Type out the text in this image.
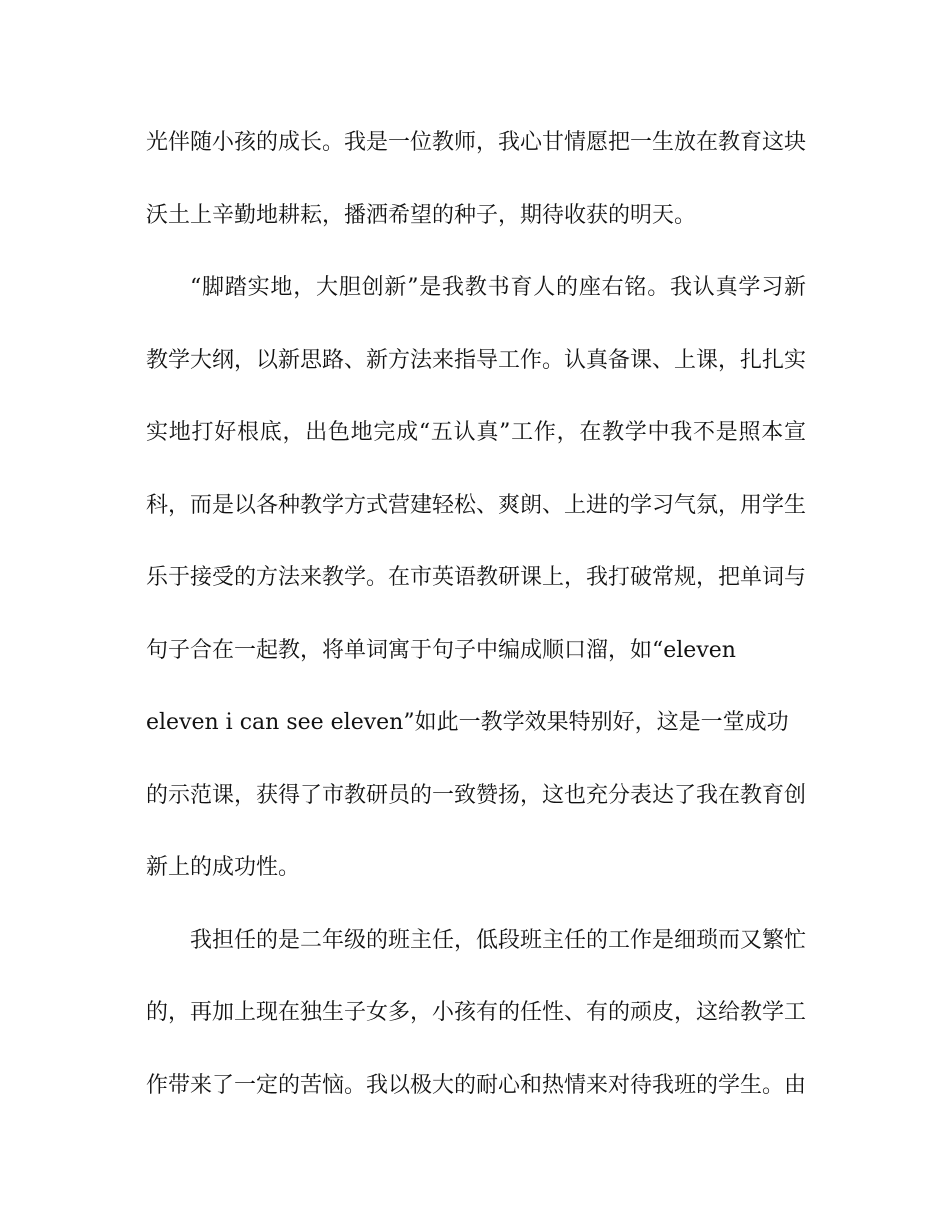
光伴随小孩的成长。我是一位教师，我心甘情愿把一生放在教育这块
沃土上辛勤地耕耘，播洒希望的种子，期待收获的明天。
“脚踏实地，大胆创新”是我教书育人的座右铭。我认真学习新
教学大纲，以新思路、新方法来指导工作。认真备课、上课，扎扎实
实地打好根底，出色地完成“五认真”工作，在教学中我不是照本宣
科，而是以各种教学方式营建轻松、爽朗、上进的学习气氛，用学生
乐于接受的方法来教学。在市英语教研课上，我打破常规，把单词与
句子合在一起教，将单词寓于句子中编成顺口溜，如“eleven
eleven i can see eleven”如此一教学效果特别好，这是一堂成功
的示范课，获得了市教研员的一致赞扬，这也充分表达了我在教育创
新上的成功性。
我担任的是二年级的班主任，低段班主任的工作是细琐而又繁忙
的，再加上现在独生子女多，小孩有的任性、有的顽皮，这给教学工
作带来了一定的苦恼。我以极大的耐心和热情来对待我班的学生。由
